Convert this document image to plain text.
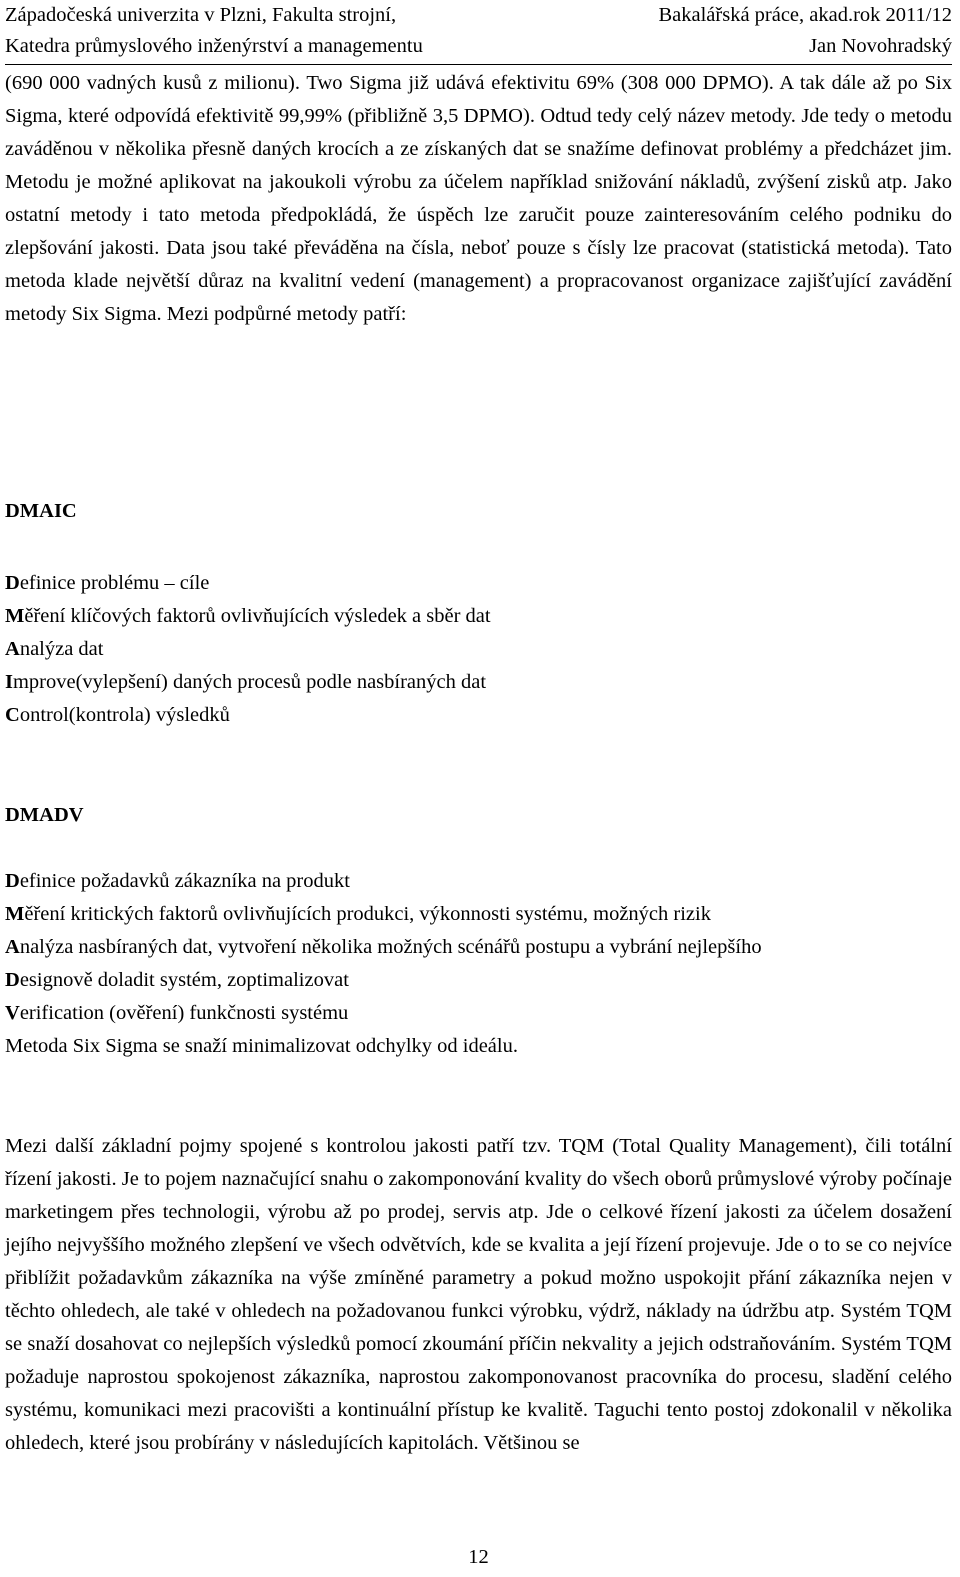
Západočeská univerzita v Plzni, Fakulta strojní,	Bakalářská práce, akad.rok 2011/12
Katedra průmyslového inženýrství a managementu	Jan Novohradský

(690 000 vadných kusů z milionu). Two Sigma již udává efektivitu 69% (308 000 DPMO). A tak dále až po Six Sigma, které odpovídá efektivitě 99,99% (přibližně 3,5 DPMO). Odtud tedy celý název metody. Jde tedy o metodu zaváděnou v několika přesně daných krocích a ze získaných dat se snažíme definovat problémy a předcházet jim. Metodu je možné aplikovat na jakoukoli výrobu za účelem například snižování nákladů, zvýšení zisků atp. Jako ostatní metody i tato metoda předpokládá, že úspěch lze zaručit pouze zainteresováním celého podniku do zlepšování jakosti. Data jsou také převáděna na čísla, neboť pouze s čísly lze pracovat (statistická metoda). Tato metoda klade největší důraz na kvalitní vedení (management) a propracovanost organizace zajišťující zavádění metody Six Sigma. Mezi podpůrné metody patří:

DMAIC
Definice problému – cíle
Měření klíčových faktorů ovlivňujících výsledek a sběr dat
Analýza dat
Improve(vylepšení) daných procesů podle nasbíraných dat
Control(kontrola) výsledků
DMADV
Definice požadavků zákazníka na produkt
Měření kritických faktorů ovlivňujících produkci, výkonnosti systému, možných rizik
Analýza nasbíraných dat, vytvoření několika možných scénářů postupu a vybrání nejlepšího
Designově doladit systém, zoptimalizovat
Verification (ověření) funkčnosti systému
Metoda Six Sigma se snaží minimalizovat odchylky od ideálu.

Mezi další základní pojmy spojené s kontrolou jakosti patří tzv. TQM (Total Quality Management), čili totální řízení jakosti. Je to pojem naznačující snahu o zakomponování kvality do všech oborů průmyslové výroby počínaje marketingem přes technologii, výrobu až po prodej, servis atp. Jde o celkové řízení jakosti za účelem dosažení jejího nejvyššího možného zlepšení ve všech odvětvích, kde se kvalita a její řízení projevuje. Jde o to se co nejvíce přiblížit požadavkům zákazníka na výše zmíněné parametry a pokud možno uspokojit přání zákazníka nejen v těchto ohledech, ale také v ohledech na požadovanou funkci výrobku, výdrž, náklady na údržbu atp. Systém TQM se snaží dosahovat co nejlepších výsledků pomocí zkoumání příčin nekvality a jejich odstraňováním. Systém TQM požaduje naprostou spokojenost zákazníka, naprostou zakomponovanost pracovníka do procesu, sladění celého systému, komunikaci mezi pracovišti a kontinuální přístup ke kvalitě. Taguchi tento postoj zdokonalil v několika ohledech, které jsou probírány v následujících kapitolách. Většinou se

12
